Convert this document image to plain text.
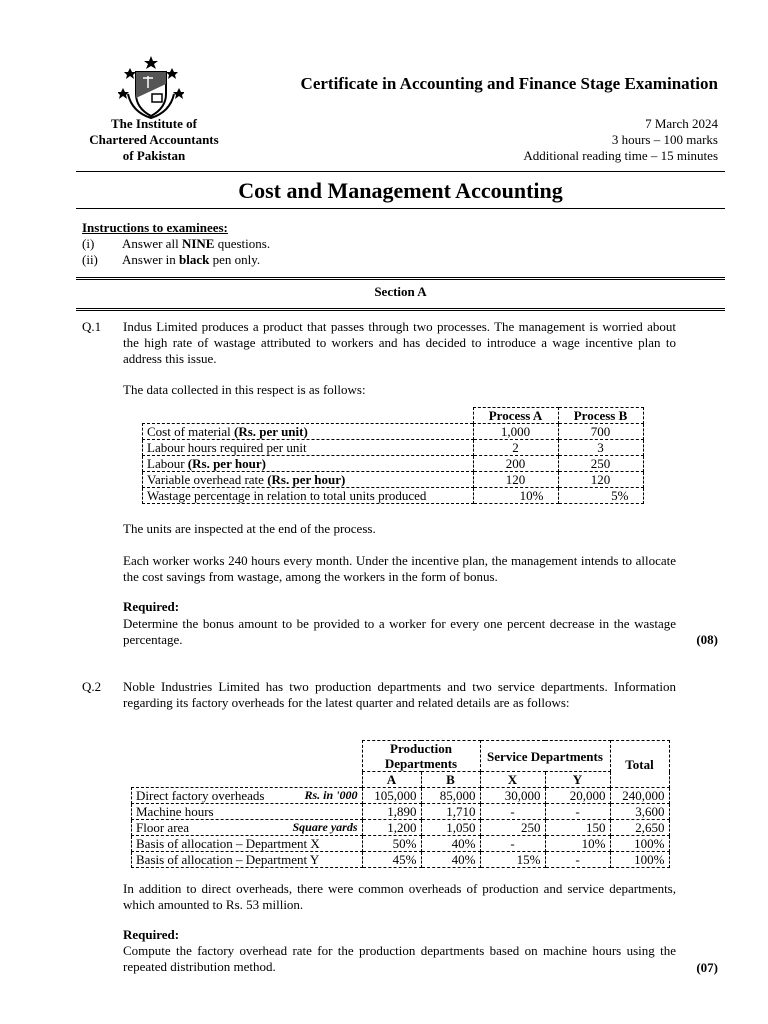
Certificate in Accounting and Finance Stage Examination
The Institute of
Chartered Accountants
of Pakistan
7 March 2024
3 hours – 100 marks
Additional reading time – 15 minutes
Cost and Management Accounting
Instructions to examinees:
(i)	Answer all NINE questions.
(ii)	Answer in black pen only.
Section A
Q.1 Indus Limited produces a product that passes through two processes. The management is worried about the high rate of wastage attributed to workers and has decided to introduce a wage incentive plan to address this issue.
The data collected in this respect is as follows:
	Process A	Process B
Cost of material (Rs. per unit)	1,000	700
Labour hours required per unit	2	3
Labour (Rs. per hour)	200	250
Variable overhead rate (Rs. per hour)	120	120
Wastage percentage in relation to total units produced	10%	5%
The units are inspected at the end of the process.
Each worker works 240 hours every month. Under the incentive plan, the management intends to allocate the cost savings from wastage, among the workers in the form of bonus.
Required:
Determine the bonus amount to be provided to a worker for every one percent decrease in the wastage percentage.	(08)
Q.2 Noble Industries Limited has two production departments and two service departments. Information regarding its factory overheads for the latest quarter and related details are as follows:
	Production Departments		Service Departments		Total
	A	B	X	Y	
Direct factory overheads Rs. in '000	105,000	85,000	30,000	20,000	240,000
Machine hours	1,890	1,710	-	-	3,600
Floor area Square yards	1,200	1,050	250	150	2,650
Basis of allocation – Department X	50%	40%	-	10%	100%
Basis of allocation – Department Y	45%	40%	15%	-	100%
In addition to direct overheads, there were common overheads of production and service departments, which amounted to Rs. 53 million.
Required:
Compute the factory overhead rate for the production departments based on machine hours using the repeated distribution method.	(07)
